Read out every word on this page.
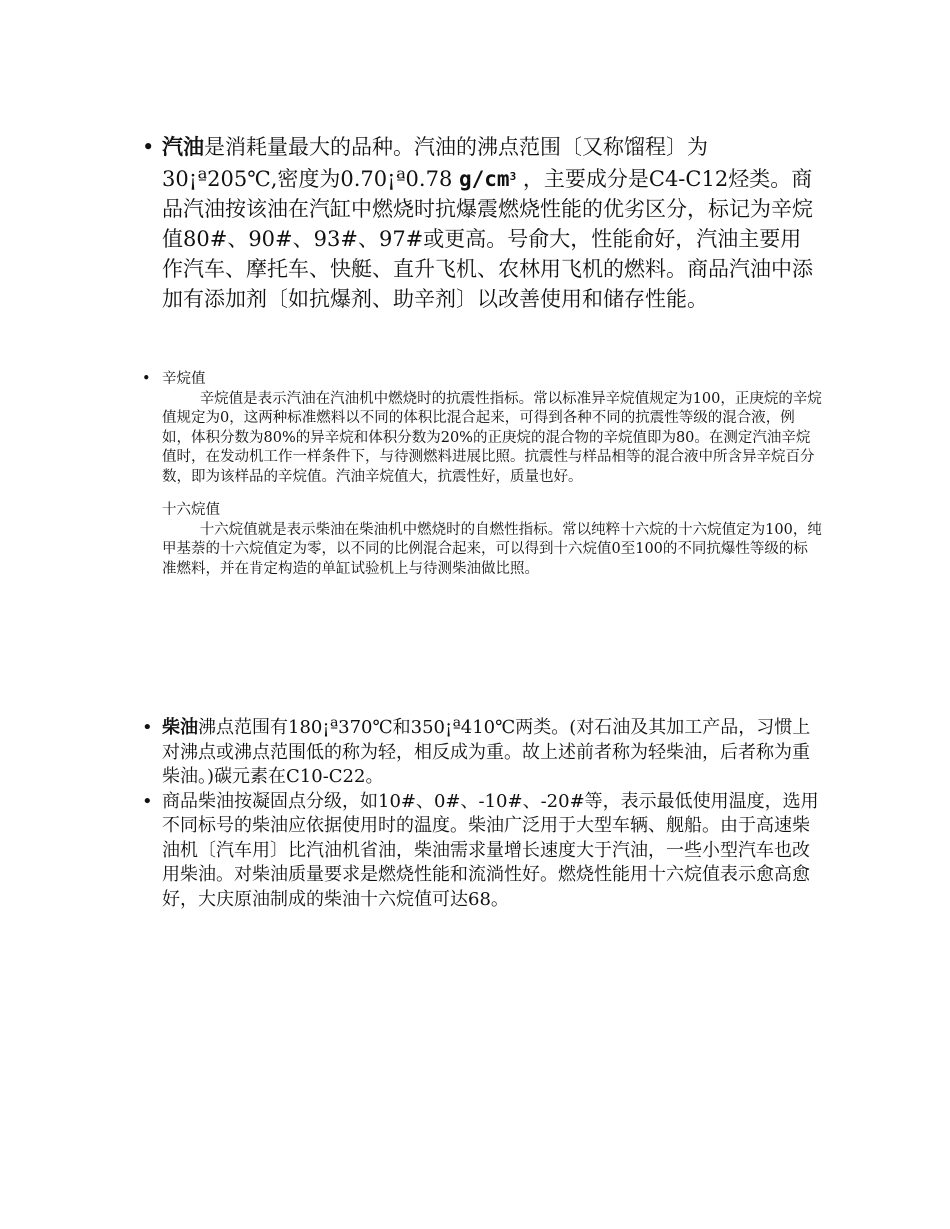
• 汽油是消耗量最大的品种。汽油的沸点范围〔又称馏程〕为30¡ª205℃,密度为0.70¡ª0.78 $g/cm^3$ ，主要成分是C4-C12烃类。商品汽油按该油在汽缸中燃烧时抗爆震燃烧性能的优劣区分，标记为辛烷值80#、90#、93#、97#或更高。号俞大，性能俞好，汽油主要用作汽车、摩托车、快艇、直升飞机、农林用飞机的燃料。商品汽油中添加有添加剂〔如抗爆剂、助辛剂〕以改善使用和储存性能。
• 辛烷值

辛烷值是表示汽油在汽油机中燃烧时的抗震性指标。常以标准异辛烷值规定为100，正庚烷的辛烷值规定为0，这两种标准燃料以不同的体积比混合起来，可得到各种不同的抗震性等级的混合液，例如，体积分数为80%的异辛烷和体积分数为20%的正庚烷的混合物的辛烷值即为80。在测定汽油辛烷值时，在发动机工作一样条件下，与待测燃料进展比照。抗震性与样品相等的混合液中所含异辛烷百分数，即为该样品的辛烷值。汽油辛烷值大，抗震性好，质量也好。

十六烷值

十六烷值就是表示柴油在柴油机中燃烧时的自燃性指标。常以纯粹十六烷的十六烷值定为100，纯甲基萘的十六烷值定为零，以不同的比例混合起来，可以得到十六烷值0至100的不同抗爆性等级的标准燃料，并在肯定构造的单缸试验机上与待测柴油做比照。

• 柴油沸点范围有180¡ª370℃和350¡ª410℃两类。(对石油及其加工产品，习惯上对沸点或沸点范围低的称为轻，相反成为重。故上述前者称为轻柴油，后者称为重柴油。)碳元素在C10-C22。
• 商品柴油按凝固点分级，如10#、0#、-10#、-20#等，表示最低使用温度，选用不同标号的柴油应依据使用时的温度。柴油广泛用于大型车辆、舰船。由于高速柴油机〔汽车用〕比汽油机省油，柴油需求量增长速度大于汽油，一些小型汽车也改用柴油。对柴油质量要求是燃烧性能和流淌性好。燃烧性能用十六烷值表示愈高愈好，大庆原油制成的柴油十六烷值可达68。
